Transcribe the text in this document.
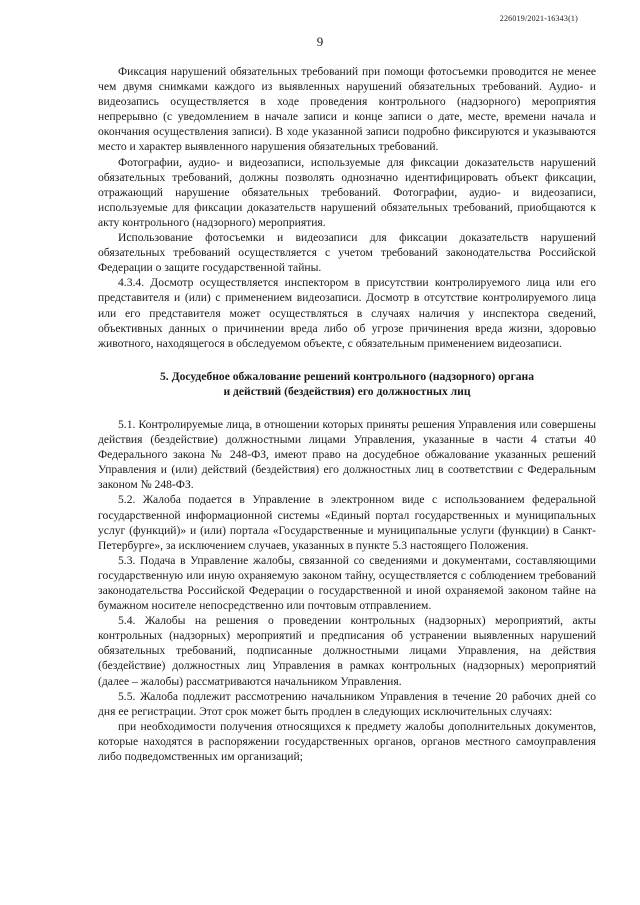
226019/2021-16343(1)
9

Фиксация нарушений обязательных требований при помощи фотосъемки проводится не менее чем двумя снимками каждого из выявленных нарушений обязательных требований. Аудио- и видеозапись осуществляется в ходе проведения контрольного (надзорного) мероприятия непрерывно (с уведомлением в начале записи и конце записи о дате, месте, времени начала и окончания осуществления записи). В ходе указанной записи подробно фиксируются и указываются место и характер выявленного нарушения обязательных требований.

Фотографии, аудио- и видеозаписи, используемые для фиксации доказательств нарушений обязательных требований, должны позволять однозначно идентифицировать объект фиксации, отражающий нарушение обязательных требований. Фотографии, аудио- и видеозаписи, используемые для фиксации доказательств нарушений обязательных требований, приобщаются к акту контрольного (надзорного) мероприятия.

Использование фотосъемки и видеозаписи для фиксации доказательств нарушений обязательных требований осуществляется с учетом требований законодательства Российской Федерации о защите государственной тайны.

4.3.4. Досмотр осуществляется инспектором в присутствии контролируемого лица или его представителя и (или) с применением видеозаписи. Досмотр в отсутствие контролируемого лица или его представителя может осуществляться в случаях наличия у инспектора сведений, объективных данных о причинении вреда либо об угрозе причинения вреда жизни, здоровью животного, находящегося в обследуемом объекте, с обязательным применением видеозаписи.

5. Досудебное обжалование решений контрольного (надзорного) органа
и действий (бездействия) его должностных лиц

5.1. Контролируемые лица, в отношении которых приняты решения Управления или совершены действия (бездействие) должностными лицами Управления, указанные в части 4 статьи 40 Федерального закона № 248-ФЗ, имеют право на досудебное обжалование указанных решений Управления и (или) действий (бездействия) его должностных лиц в соответствии с Федеральным законом № 248-ФЗ.

5.2. Жалоба подается в Управление в электронном виде с использованием федеральной государственной информационной системы «Единый портал государственных и муниципальных услуг (функций)» и (или) портала «Государственные и муниципальные услуги (функции) в Санкт-Петербурге», за исключением случаев, указанных в пункте 5.3 настоящего Положения.

5.3. Подача в Управление жалобы, связанной со сведениями и документами, составляющими государственную или иную охраняемую законом тайну, осуществляется с соблюдением требований законодательства Российской Федерации о государственной и иной охраняемой законом тайне на бумажном носителе непосредственно или почтовым отправлением.

5.4. Жалобы на решения о проведении контрольных (надзорных) мероприятий, акты контрольных (надзорных) мероприятий и предписания об устранении выявленных нарушений обязательных требований, подписанные должностными лицами Управления, на действия (бездействие) должностных лиц Управления в рамках контрольных (надзорных) мероприятий (далее – жалобы) рассматриваются начальником Управления.

5.5. Жалоба подлежит рассмотрению начальником Управления в течение 20 рабочих дней со дня ее регистрации. Этот срок может быть продлен в следующих исключительных случаях:

при необходимости получения относящихся к предмету жалобы дополнительных документов, которые находятся в распоряжении государственных органов, органов местного самоуправления либо подведомственных им организаций;
